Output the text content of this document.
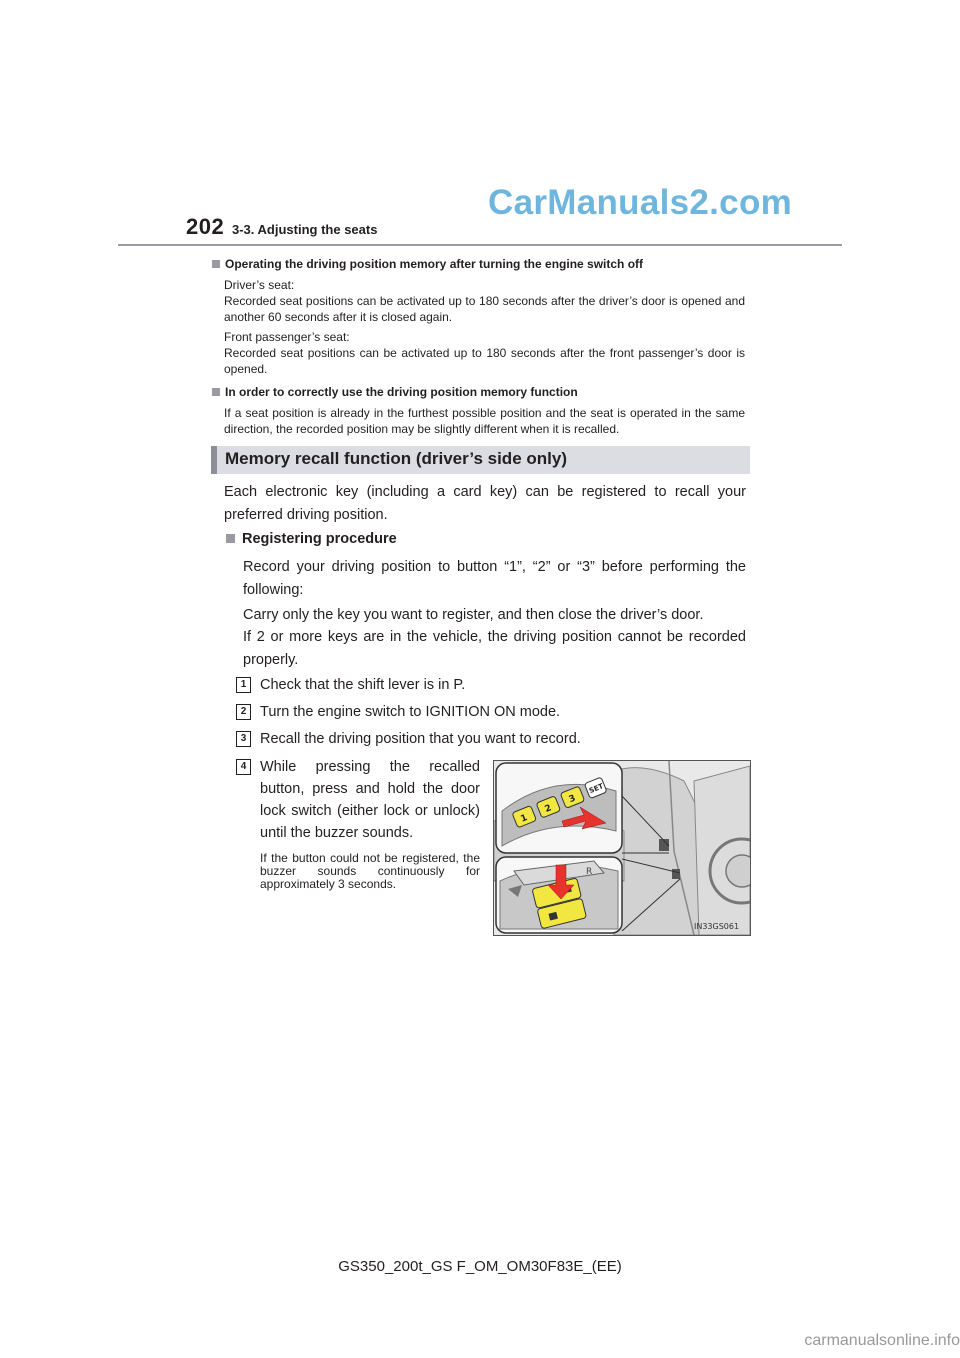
202 3-3. Adjusting the seats
CarManuals2.com
Operating the driving position memory after turning the engine switch off
Driver’s seat:
Recorded seat positions can be activated up to 180 seconds after the driver’s door is opened and another 60 seconds after it is closed again.
Front passenger’s seat:
Recorded seat positions can be activated up to 180 seconds after the front passenger’s door is opened.
In order to correctly use the driving position memory function
If a seat position is already in the furthest possible position and the seat is operated in the same direction, the recorded position may be slightly different when it is recalled.
Memory recall function (driver’s side only)
Each electronic key (including a card key) can be registered to recall your preferred driving position.
Registering procedure
Record your driving position to button “1”, “2” or “3” before performing the following:
Carry only the key you want to register, and then close the driver’s door.
If 2 or more keys are in the vehicle, the driving position cannot be recorded properly.
1 Check that the shift lever is in P.
2 Turn the engine switch to IGNITION ON mode.
3 Recall the driving position that you want to record.
4 While pressing the recalled button, press and hold the door lock switch (either lock or unlock) until the buzzer sounds.
If the button could not be registered, the buzzer sounds continuously for approximately 3 seconds.
1
2
3
SET
R
IN33GS061
GS350_200t_GS F_OM_OM30F83E_(EE)
carmanualsonline.info
